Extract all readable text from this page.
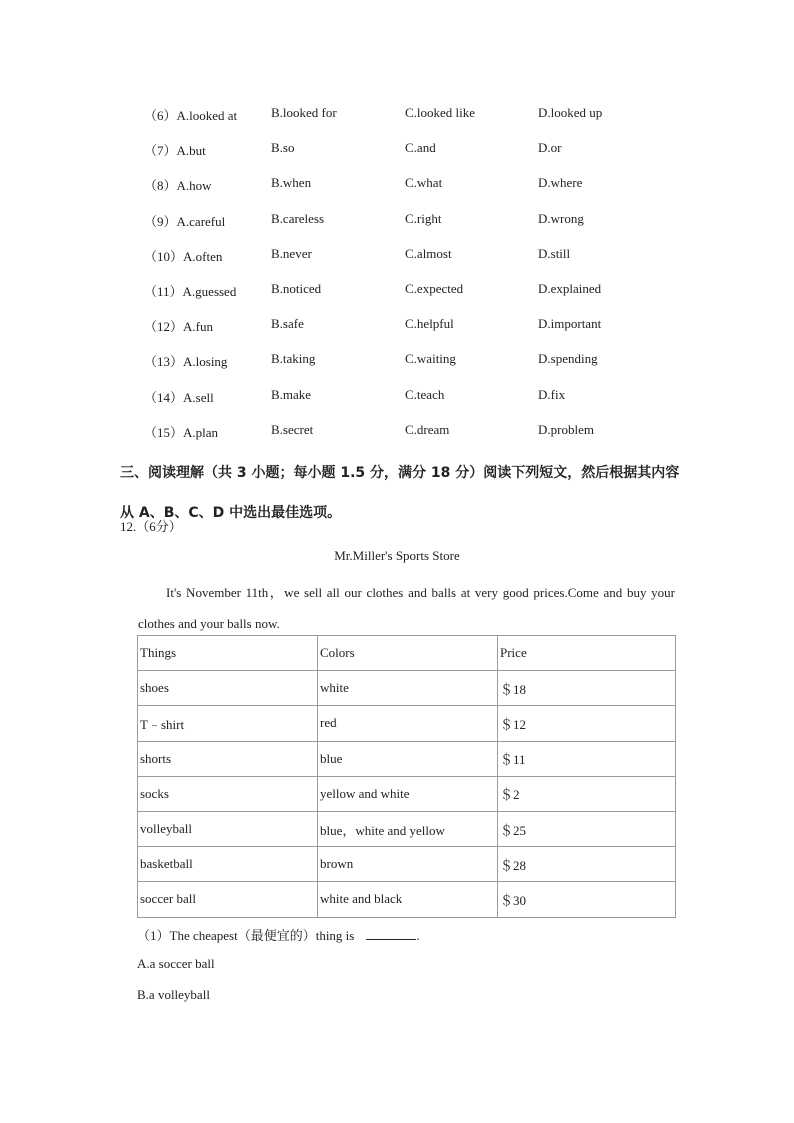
（6）A.looked at	B.looked for	C.looked like	D.looked up
（7）A.but	B.so	C.and	D.or
（8）A.how	B.when	C.what	D.where
（9）A.careful	B.careless	C.right	D.wrong
（10）A.often	B.never	C.almost	D.still
（11）A.guessed	B.noticed	C.expected	D.explained
（12）A.fun	B.safe	C.helpful	D.important
（13）A.losing	B.taking	C.waiting	D.spending
（14）A.sell	B.make	C.teach	D.fix
（15）A.plan	B.secret	C.dream	D.problem
三、阅读理解（共 3 小题；每小题 1.5 分，满分 18 分）阅读下列短文，然后根据其内容从 A、B、C、D 中选出最佳选项。
12.（6分）
Mr.Miller's Sports Store
It's November 11th，we sell all our clothes and balls at very good prices.Come and buy your clothes and your balls now.
Things	Colors	Price
shoes	white	＄18
T﹣shirt	red	＄12
shorts	blue	＄11
socks	yellow and white	＄2
volleyball	blue，white and yellow	＄25
basketball	brown	＄28
soccer ball	white and black	＄30
（1）The cheapest（最便宜的）thing is	.
A.a soccer ball
B.a volleyball
